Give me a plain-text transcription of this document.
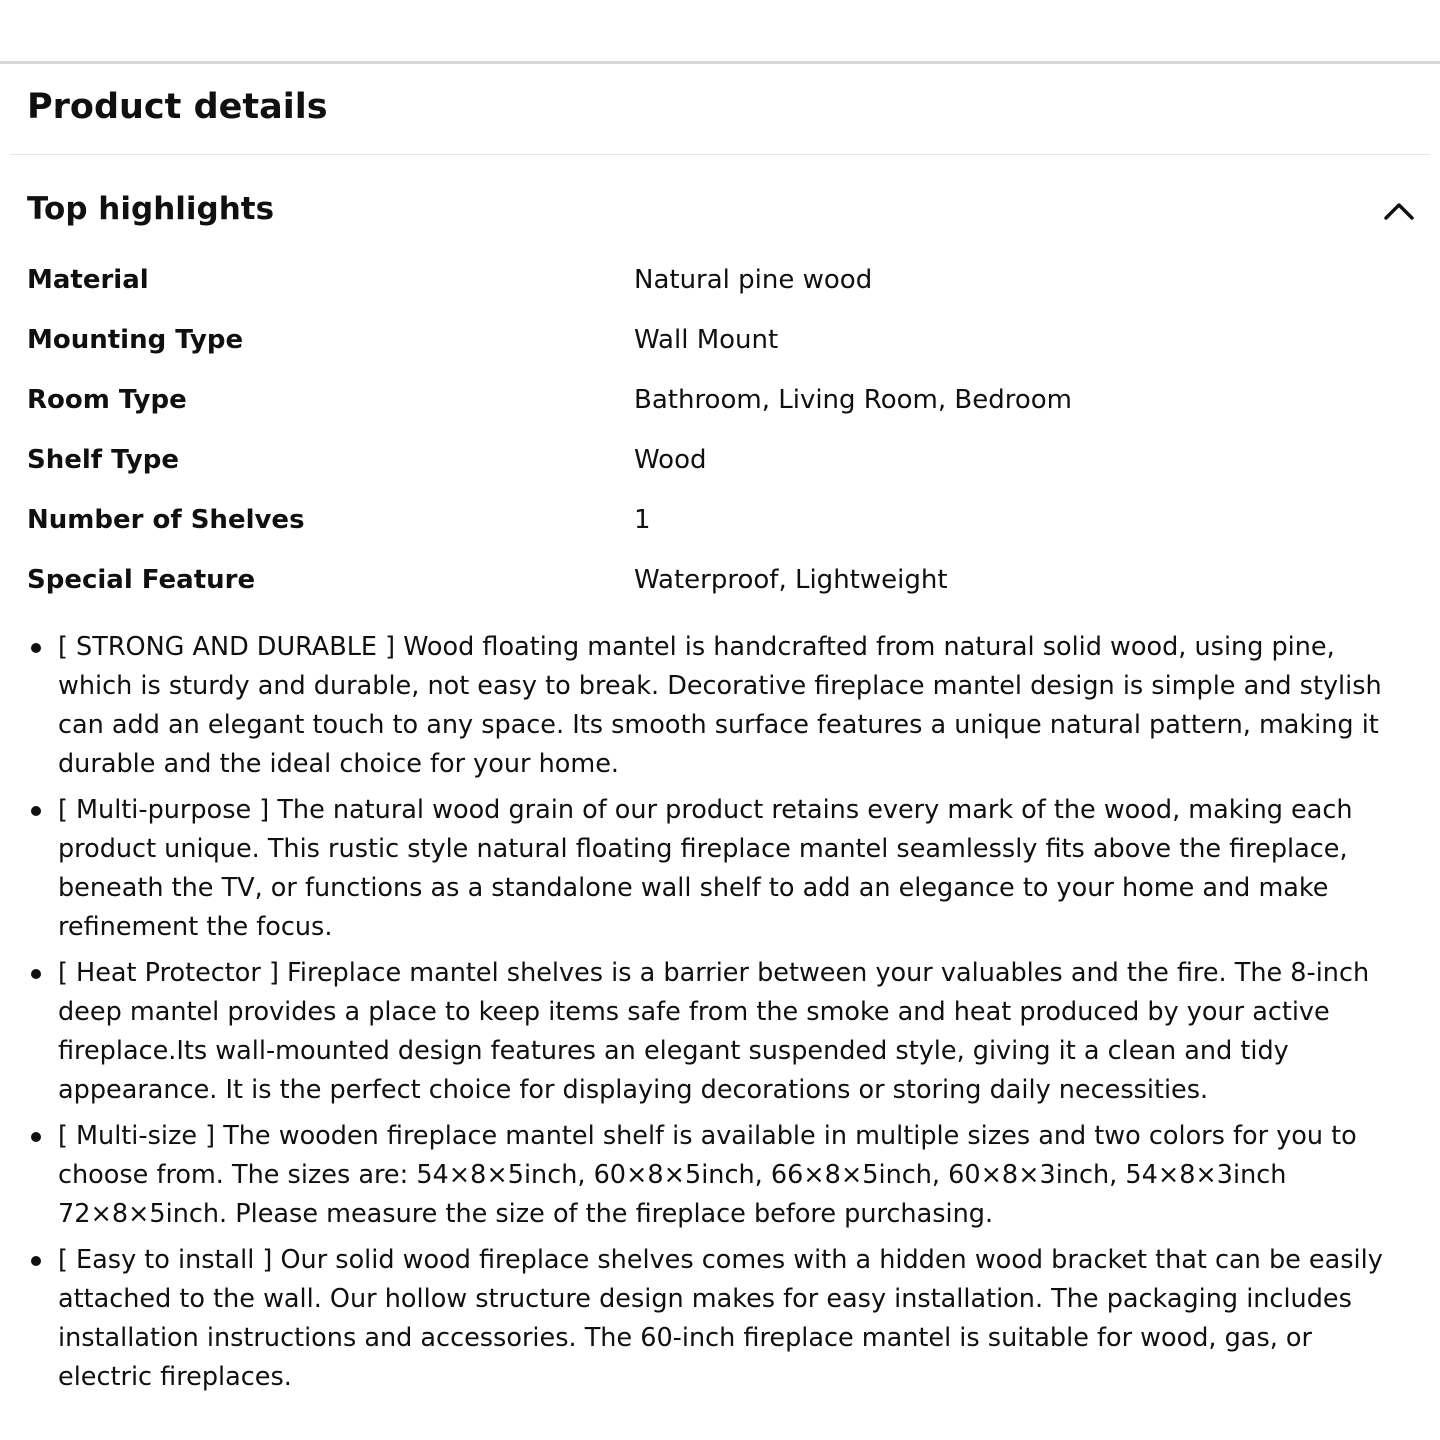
Product details
Top highlights
Material	Natural pine wood
Mounting Type	Wall Mount
Room Type	Bathroom, Living Room, Bedroom
Shelf Type	Wood
Number of Shelves	1
Special Feature	Waterproof, Lightweight
[ STRONG AND DURABLE ] Wood floating mantel is handcrafted from natural solid wood, using pine, which is sturdy and durable, not easy to break. Decorative fireplace mantel design is simple and stylish can add an elegant touch to any space. Its smooth surface features a unique natural pattern, making it durable and the ideal choice for your home.
[ Multi-purpose ] The natural wood grain of our product retains every mark of the wood, making each product unique. This rustic style natural floating fireplace mantel seamlessly fits above the fireplace, beneath the TV, or functions as a standalone wall shelf to add an elegance to your home and make refinement the focus.
[ Heat Protector ] Fireplace mantel shelves is a barrier between your valuables and the fire. The 8-inch deep mantel provides a place to keep items safe from the smoke and heat produced by your active fireplace.Its wall-mounted design features an elegant suspended style, giving it a clean and tidy appearance. It is the perfect choice for displaying decorations or storing daily necessities.
[ Multi-size ] The wooden fireplace mantel shelf is available in multiple sizes and two colors for you to choose from. The sizes are: 54×8×5inch, 60×8×5inch, 66×8×5inch, 60×8×3inch, 54×8×3inch 72×8×5inch. Please measure the size of the fireplace before purchasing.
[ Easy to install ] Our solid wood fireplace shelves comes with a hidden wood bracket that can be easily attached to the wall. Our hollow structure design makes for easy installation. The packaging includes installation instructions and accessories. The 60-inch fireplace mantel is suitable for wood, gas, or electric fireplaces.
